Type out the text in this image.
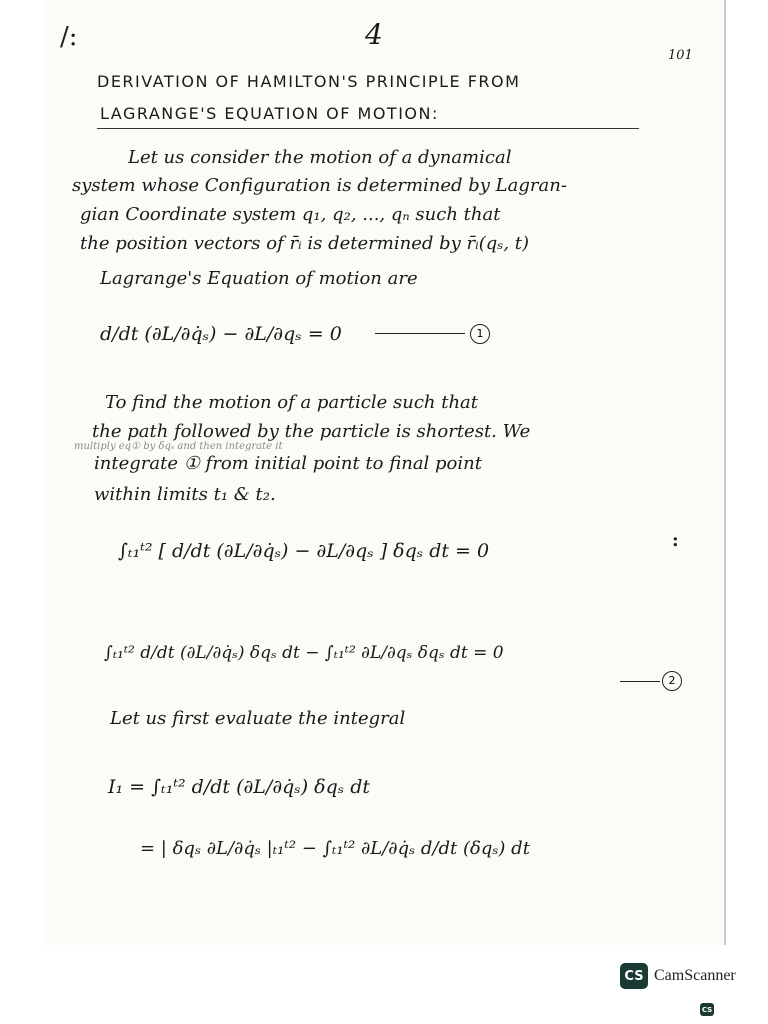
/:	4
101
DERIVATION OF HAMILTON'S PRINCIPLE FROM
LAGRANGE'S EQUATION OF MOTION:
Let us consider the motion of a dynamical
system whose Configuration is determined by Lagran-
gian Coordinate system q₁, q₂, ..., qₙ such that
the position vectors of r̄ᵢ is determined by r̄ᵢ(qₛ, t)
Lagrange's Equation of motion are
d/dt (∂L/∂q̇ₛ) − ∂L/∂qₛ = 0	1
To find the motion of a particle such that
the path followed by the particle is shortest. We
multiply eq① by δqₛ and then integrate it
integrate ① from initial point to final point
within limits t₁ & t₂.
∫ₜ₁ᵗ² [ d/dt (∂L/∂q̇ₛ) − ∂L/∂qₛ ] δqₛ dt = 0	:
∫ₜ₁ᵗ² d/dt (∂L/∂q̇ₛ) δqₛ dt − ∫ₜ₁ᵗ² ∂L/∂qₛ δqₛ dt = 0
2
Let us first evaluate the integral
I₁ = ∫ₜ₁ᵗ² d/dt (∂L/∂q̇ₛ) δqₛ dt
= | δqₛ ∂L/∂q̇ₛ |ₜ₁ᵗ² − ∫ₜ₁ᵗ² ∂L/∂q̇ₛ d/dt (δqₛ) dt
CS CamScanner
CS
